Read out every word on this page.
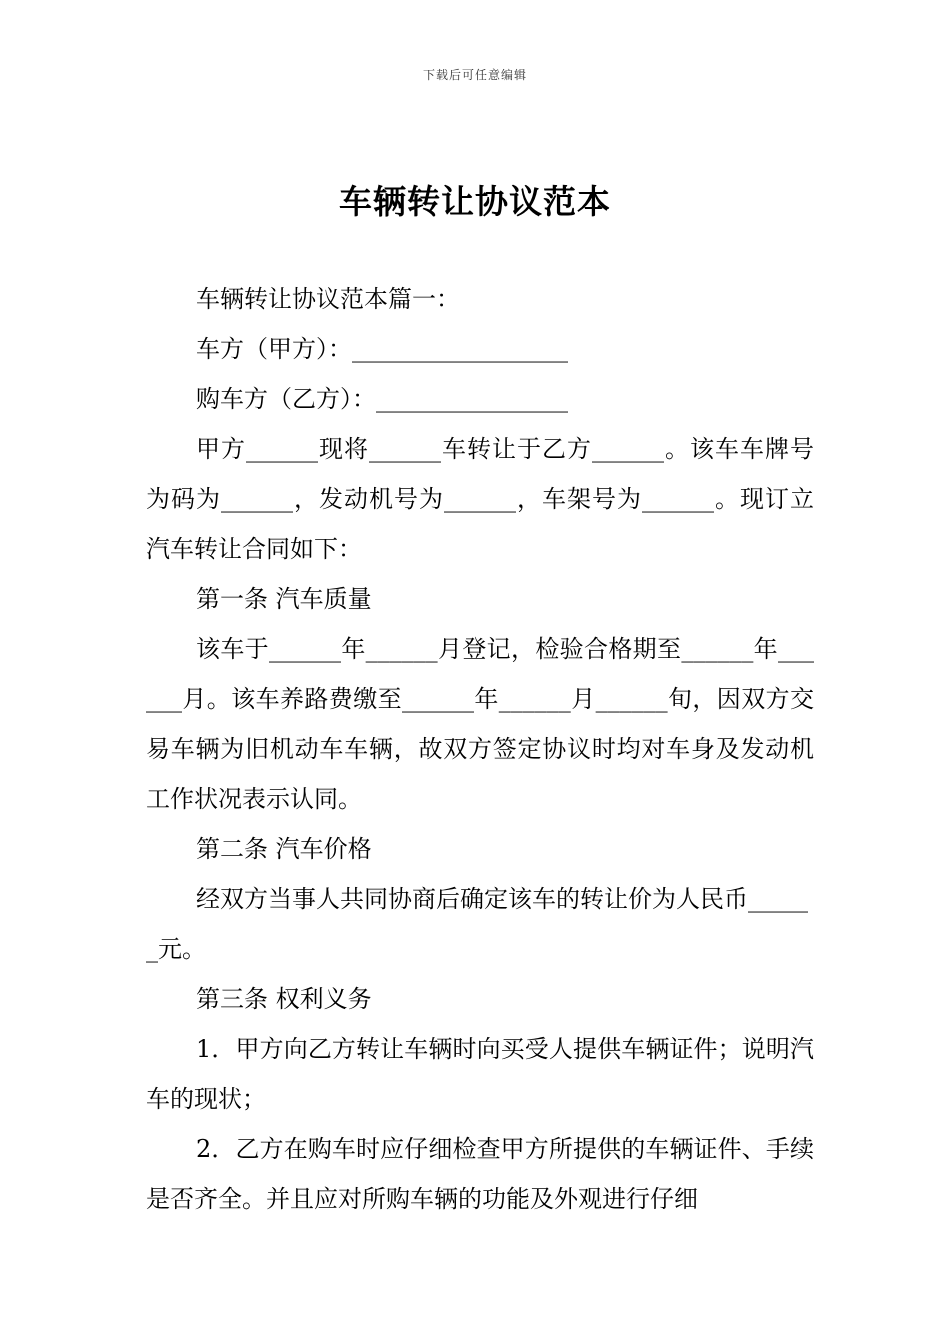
下载后可任意编辑
车辆转让协议范本

车辆转让协议范本篇一：

车方（甲方）：__________________

购车方（乙方）：________________

甲方______现将______车转让于乙方______。该车车牌号为码为______，发动机号为______，车架号为______。现订立汽车转让合同如下：

第一条 汽车质量

该车于______年______月登记，检验合格期至______年______月。该车养路费缴至______年______月______旬，因双方交易车辆为旧机动车车辆，故双方签定协议时均对车身及发动机工作状况表示认同。

第二条 汽车价格

经双方当事人共同协商后确定该车的转让价为人民币______元。

第三条 权利义务

1．甲方向乙方转让车辆时向买受人提供车辆证件；说明汽车的现状；

2．乙方在购车时应仔细检查甲方所提供的车辆证件、手续是否齐全。并且应对所购车辆的功能及外观进行仔细
